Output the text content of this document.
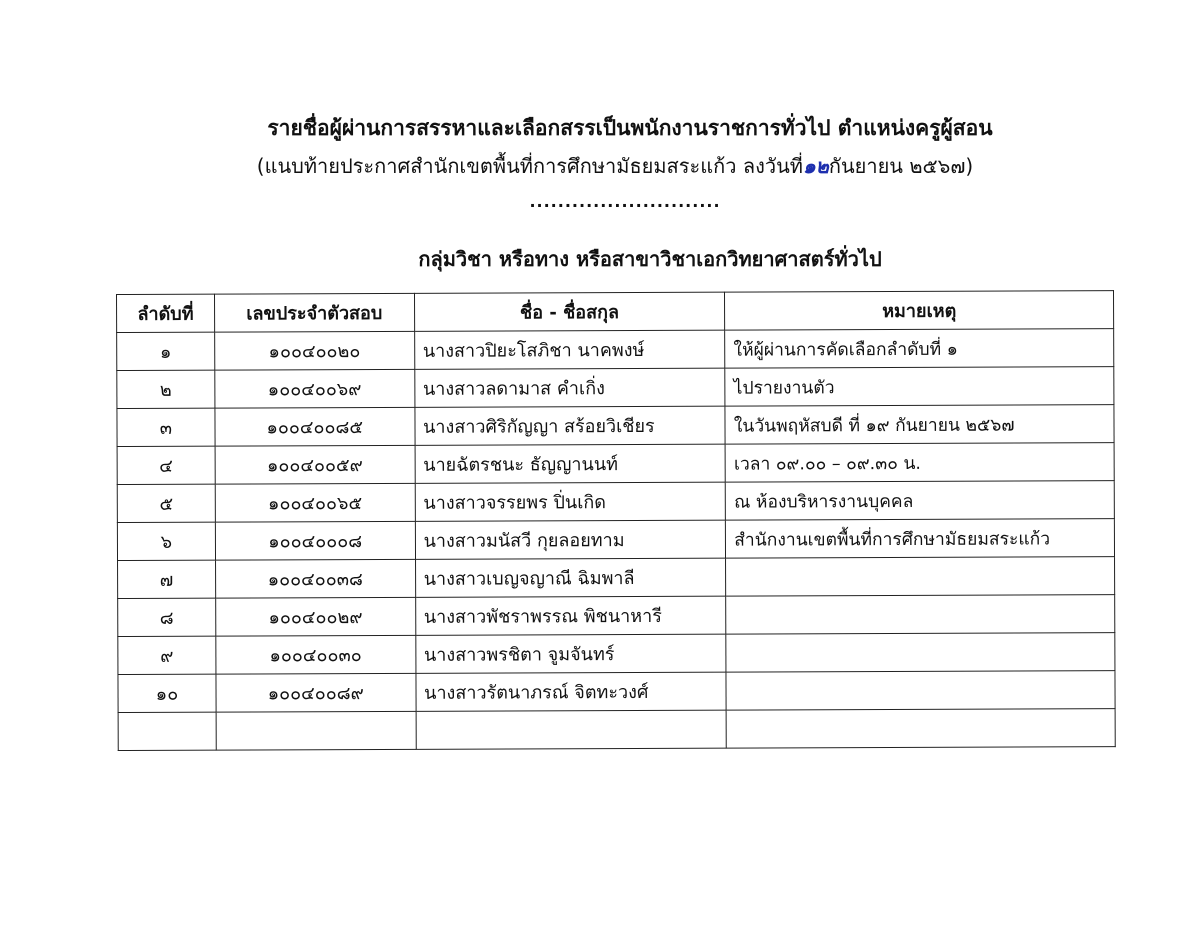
รายชื่อผู้ผ่านการสรรหาและเลือกสรรเป็นพนักงานราชการทั่วไป ตำแหน่งครูผู้สอน
(แนบท้ายประกาศสำนักเขตพื้นที่การศึกษามัธยมสระแก้ว ลงวันที่๑๒กันยายน ๒๕๖๗)
...........................
กลุ่มวิชา หรือทาง หรือสาขาวิชาเอกวิทยาศาสตร์ทั่วไป
ลำดับที่	เลขประจำตัวสอบ	ชื่อ - ชื่อสกุล	หมายเหตุ
๑	๑๐๐๔๐๐๒๐	นางสาวปิยะโสภิชา นาคพงษ์	ให้ผู้ผ่านการคัดเลือกลำดับที่ ๑
๒	๑๐๐๔๐๐๖๙	นางสาวลดามาส คำเกิ่ง	ไปรายงานตัว
๓	๑๐๐๔๐๐๘๕	นางสาวศิริกัญญา สร้อยวิเชียร	ในวันพฤหัสบดี ที่ ๑๙ กันยายน ๒๕๖๗
๔	๑๐๐๔๐๐๕๙	นายฉัตรชนะ ธัญญานนท์	เวลา ๐๙.๐๐ – ๐๙.๓๐ น.
๕	๑๐๐๔๐๐๖๕	นางสาวจรรยพร ปิ่นเกิด	ณ ห้องบริหารงานบุคคล
๖	๑๐๐๔๐๐๐๘	นางสาวมนัสวี กุยลอยทาม	สำนักงานเขตพื้นที่การศึกษามัธยมสระแก้ว
๗	๑๐๐๔๐๐๓๘	นางสาวเบญจญาณี ฉิมพาลี	
๘	๑๐๐๔๐๐๒๙	นางสาวพัชราพรรณ พิชนาหารี	
๙	๑๐๐๔๐๐๓๐	นางสาวพรชิตา จูมจันทร์	
๑๐	๑๐๐๔๐๐๘๙	นางสาวรัตนาภรณ์ จิตทะวงศ์	
